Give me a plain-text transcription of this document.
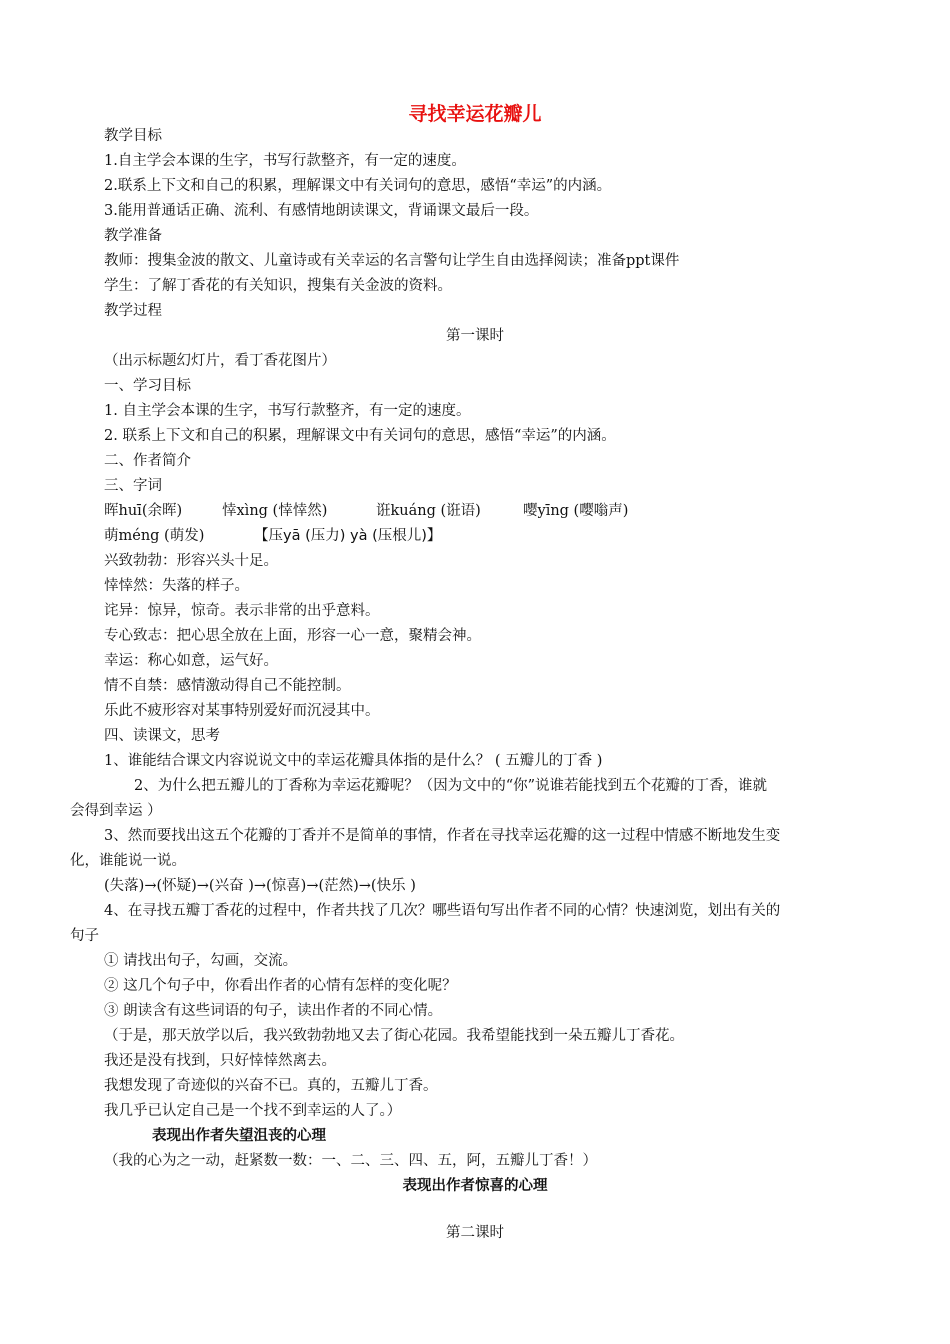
寻找幸运花瓣儿
教学目标
1.自主学会本课的生字，书写行款整齐，有一定的速度。
2.联系上下文和自己的积累，理解课文中有关词句的意思，感悟“幸运”的内涵。
3.能用普通话正确、流利、有感情地朗读课文，背诵课文最后一段。
教学准备
教师：搜集金波的散文、儿童诗或有关幸运的名言警句让学生自由选择阅读；准备ppt课件
学生：了解丁香花的有关知识，搜集有关金波的资料。
教学过程
第一课时
（出示标题幻灯片，看丁香花图片）
一、学习目标
1. 自主学会本课的生字，书写行款整齐，有一定的速度。
2. 联系上下文和自己的积累，理解课文中有关词句的意思，感悟“幸运”的内涵。
二、作者简介
三、字词
晖huī(余晖)	悻xìng (悻悻然)	诳kuáng (诳语)	嘤yīng (嘤嗡声)
萌méng (萌发)	【压yā (压力) yà (压根儿)】
兴致勃勃：形容兴头十足。
悻悻然：失落的样子。
诧异：惊异，惊奇。表示非常的出乎意料。
专心致志：把心思全放在上面，形容一心一意，聚精会神。
幸运：称心如意，运气好。
情不自禁：感情激动得自己不能控制。
乐此不疲形容对某事特别爱好而沉浸其中。
四、读课文，思考
1、谁能结合课文内容说说文中的幸运花瓣具体指的是什么？ ( 五瓣儿的丁香 )
2、为什么把五瓣儿的丁香称为幸运花瓣呢？（因为文中的“你”说谁若能找到五个花瓣的丁香，谁就
会得到幸运 ）
3、然而要找出这五个花瓣的丁香并不是简单的事情，作者在寻找幸运花瓣的这一过程中情感不断地发生变
化，谁能说一说。
(失落)→(怀疑)→(兴奋 )→(惊喜)→(茫然)→(快乐 )
4、在寻找五瓣丁香花的过程中，作者共找了几次？哪些语句写出作者不同的心情？快速浏览，划出有关的
句子
① 请找出句子，勾画，交流。
② 这几个句子中，你看出作者的心情有怎样的变化呢？
③ 朗读含有这些词语的句子，读出作者的不同心情。
（于是，那天放学以后，我兴致勃勃地又去了街心花园。我希望能找到一朵五瓣儿丁香花。
我还是没有找到，只好悻悻然离去。
我想发现了奇迹似的兴奋不已。真的，五瓣儿丁香。
我几乎已认定自己是一个找不到幸运的人了。）
表现出作者失望沮丧的心理
（我的心为之一动，赶紧数一数：一、二、三、四、五，阿，五瓣儿丁香！）
表现出作者惊喜的心理
第二课时
